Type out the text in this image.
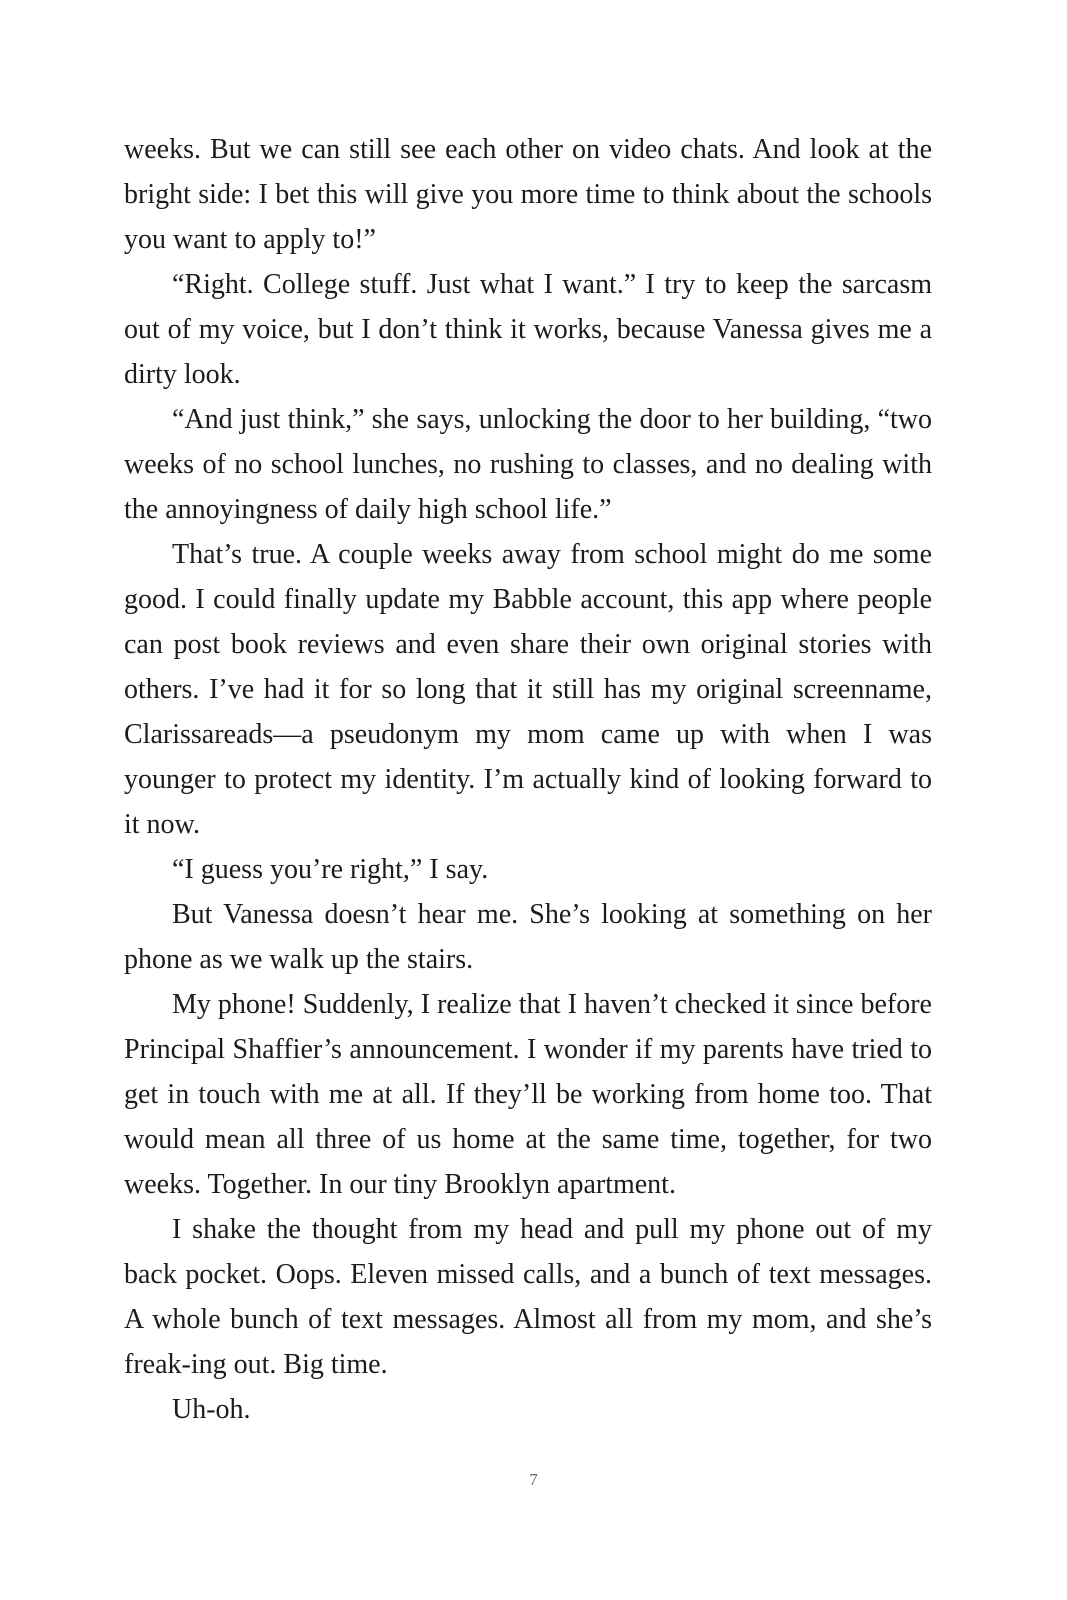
weeks. But we can still see each other on video chats. And look at the bright side: I bet this will give you more time to think about the schools you want to apply to!”

“Right. College stuff. Just what I want.” I try to keep the sarcasm out of my voice, but I don’t think it works, because Vanessa gives me a dirty look.

“And just think,” she says, unlocking the door to her building, “two weeks of no school lunches, no rushing to classes, and no dealing with the annoyingness of daily high school life.”

That’s true. A couple weeks away from school might do me some good. I could finally update my Babble account, this app where people can post book reviews and even share their own original stories with others. I’ve had it for so long that it still has my original screenname, Clarissareads—a pseudonym my mom came up with when I was younger to protect my identity. I’m actually kind of looking forward to it now.

“I guess you’re right,” I say.

But Vanessa doesn’t hear me. She’s looking at something on her phone as we walk up the stairs.

My phone! Suddenly, I realize that I haven’t checked it since before Principal Shaffier’s announcement. I wonder if my parents have tried to get in touch with me at all. If they’ll be working from home too. That would mean all three of us home at the same time, together, for two weeks. Together. In our tiny Brooklyn apartment.

I shake the thought from my head and pull my phone out of my back pocket. Oops. Eleven missed calls, and a bunch of text messages. A whole bunch of text messages. Almost all from my mom, and she’s freak-ing out. Big time.

Uh-oh.

7
